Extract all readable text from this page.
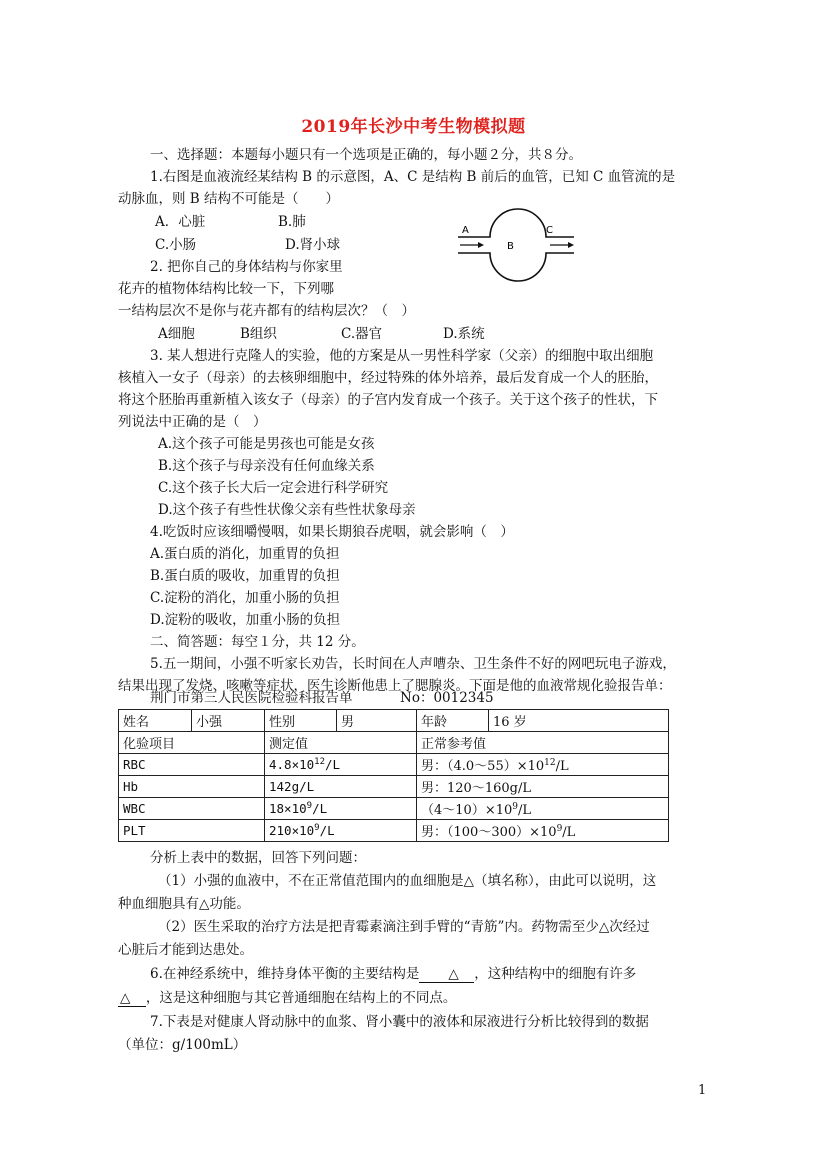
2019年长沙中考生物模拟题
一、选择题：本题每小题只有一个选项是正确的，每小题２分，共８分。
1.右图是血液流经某结构 B 的示意图，A、C 是结构 B 前后的血管，已知 C 血管流的是
动脉血，则 B 结构不可能是（　　）
A．心脏	B.肺
C.小肠	D.肾小球
A
B
C
2. 把你自己的身体结构与你家里
花卉的植物体结构比较一下，下列哪
一结构层次不是你与花卉都有的结构层次？（　）
A细胞	B组织	C.器官	D.系统
3. 某人想进行克隆人的实验，他的方案是从一男性科学家（父亲）的细胞中取出细胞
核植入一女子（母亲）的去核卵细胞中，经过特殊的体外培养，最后发育成一个人的胚胎，
将这个胚胎再重新植入该女子（母亲）的子宫内发育成一个孩子。关于这个孩子的性状，下
列说法中正确的是（　）
A.这个孩子可能是男孩也可能是女孩
B.这个孩子与母亲没有任何血缘关系
C.这个孩子长大后一定会进行科学研究
D.这个孩子有些性状像父亲有些性状象母亲
4.吃饭时应该细嚼慢咽，如果长期狼吞虎咽，就会影响（　）
A.蛋白质的消化，加重胃的负担
B.蛋白质的吸收，加重胃的负担
C.淀粉的消化，加重小肠的负担
D.淀粉的吸收，加重小肠的负担
二、简答题：每空１分，共 12 分。
5.五一期间，小强不听家长劝告，长时间在人声嘈杂、卫生条件不好的网吧玩电子游戏，
结果出现了发烧、咳嗽等症状，医生诊断他患上了腮腺炎。下面是他的血液常规化验报告单：
荆门市第三人民医院检验科报告单	No：0012345
姓名	小强	性别	男	年龄	16 岁
化验项目		测定值		正常参考值	
RBC		$4.8\times 10^{12}/L$		男：$(4.0\sim 55)\times 10^{12}/L$	
Hb		142g/L		男：120～160g/L	
WBC		$18\times 10^9/L$		$(4\sim 10)\times 10^9/L$	
PLT		$210\times 10^9/L$		男：$(100\sim 300)\times 10^9/L$	
分析上表中的数据，回答下列问题：
（1）小强的血液中，不在正常值范围内的血细胞是△（填名称），由此可以说明，这
种血细胞具有△功能。
（2）医生采取的治疗方法是把青霉素滴注到手臂的“青筋”内。药物需至少△次经过
心脏后才能到达患处。
6.在神经系统中，维持身体平衡的主要结构是　　△　，这种结构中的细胞有许多
△　，这是这种细胞与其它普通细胞在结构上的不同点。
7.下表是对健康人肾动脉中的血浆、肾小囊中的液体和尿液进行分析比较得到的数据
（单位：g/100mL）
1
